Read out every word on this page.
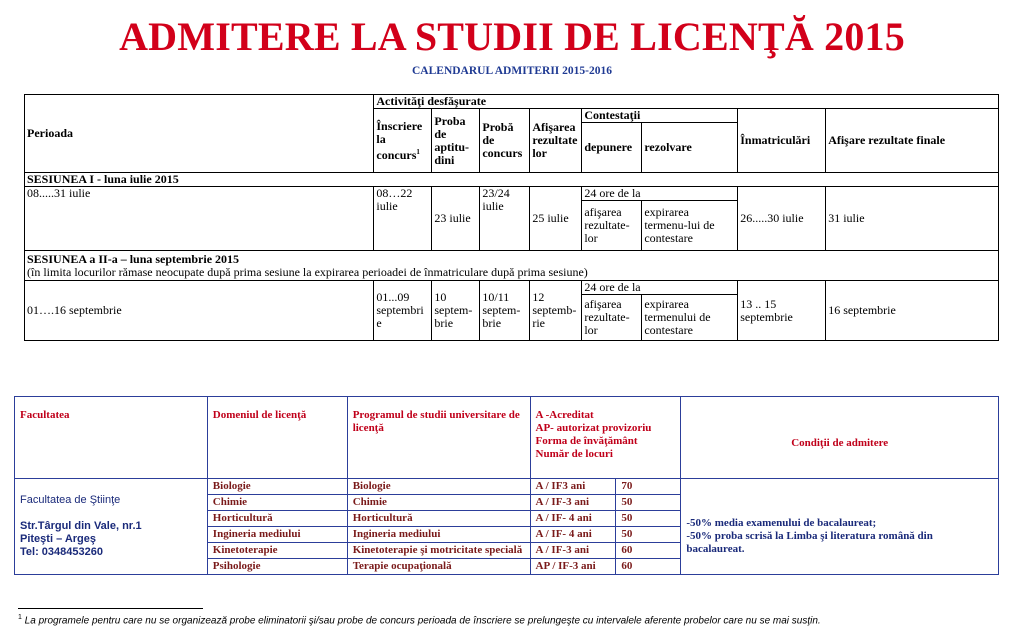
ADMITERE LA STUDII DE LICENŢĂ 2015
CALENDARUL ADMITERII 2015-2016
Perioada	Activităţi desfăşurate							
	Înscriere la concurs$^1$	Proba de aptitu-dini	Probă de concurs	Afişarea rezultate lor	Contestaţii		Înmatriculări	Afişare rezultate finale
					depunere	rezolvare		
SESIUNEA I - luna iulie 2015								
08.....31 iulie	08…22 iulie	23 iulie	23/24 iulie	25 iulie	24 ore de la		26.....30 iulie	31 iulie
					afişarea rezultate-lor	expirarea termenu-lui de contestare		
SESIUNEA a II-a – luna septembrie 2015
(în limita locurilor rămase neocupate după prima sesiune la expirarea perioadei de înmatriculare după prima sesiune)								
01….16 septembrie	01...09 septembri e	10 septem-brie	10/11 septem-brie	12 septemb-rie	24 ore de la		13 .. 15 septembrie	16 septembrie
					afişarea rezultate-lor	expirarea termenului de contestare		
Facultatea	Domeniul de licenţă	Programul de studii universitare de licenţă	A -Acreditat
AP- autorizat provizoriu
Forma de învăţământ
Număr de locuri		Condiţii de admitere
Facultatea de Ştiinţe

Str.Târgul din Vale, nr.1
Piteşti – Argeş
Tel: 0348453260	Biologie	Biologie	A / IF3 ani	70	-50% media examenului de bacalaureat;
-50% proba scrisă la Limba şi literatura română din bacalaureat.
	Chimie	Chimie	A / IF-3 ani	50	
	Horticultură	Horticultură	A / IF- 4 ani	50	
	Ingineria mediului	Ingineria mediului	A / IF- 4 ani	50	
	Kinetoterapie	Kinetoterapie şi motricitate specială	A / IF-3 ani	60	
	Psihologie	Terapie ocupaţională	AP / IF-3 ani	60	
$^1$ La programele pentru care nu se organizează probe eliminatorii şi/sau probe de concurs perioada de înscriere se prelungeşte cu intervalele aferente probelor care nu se mai susţin.
